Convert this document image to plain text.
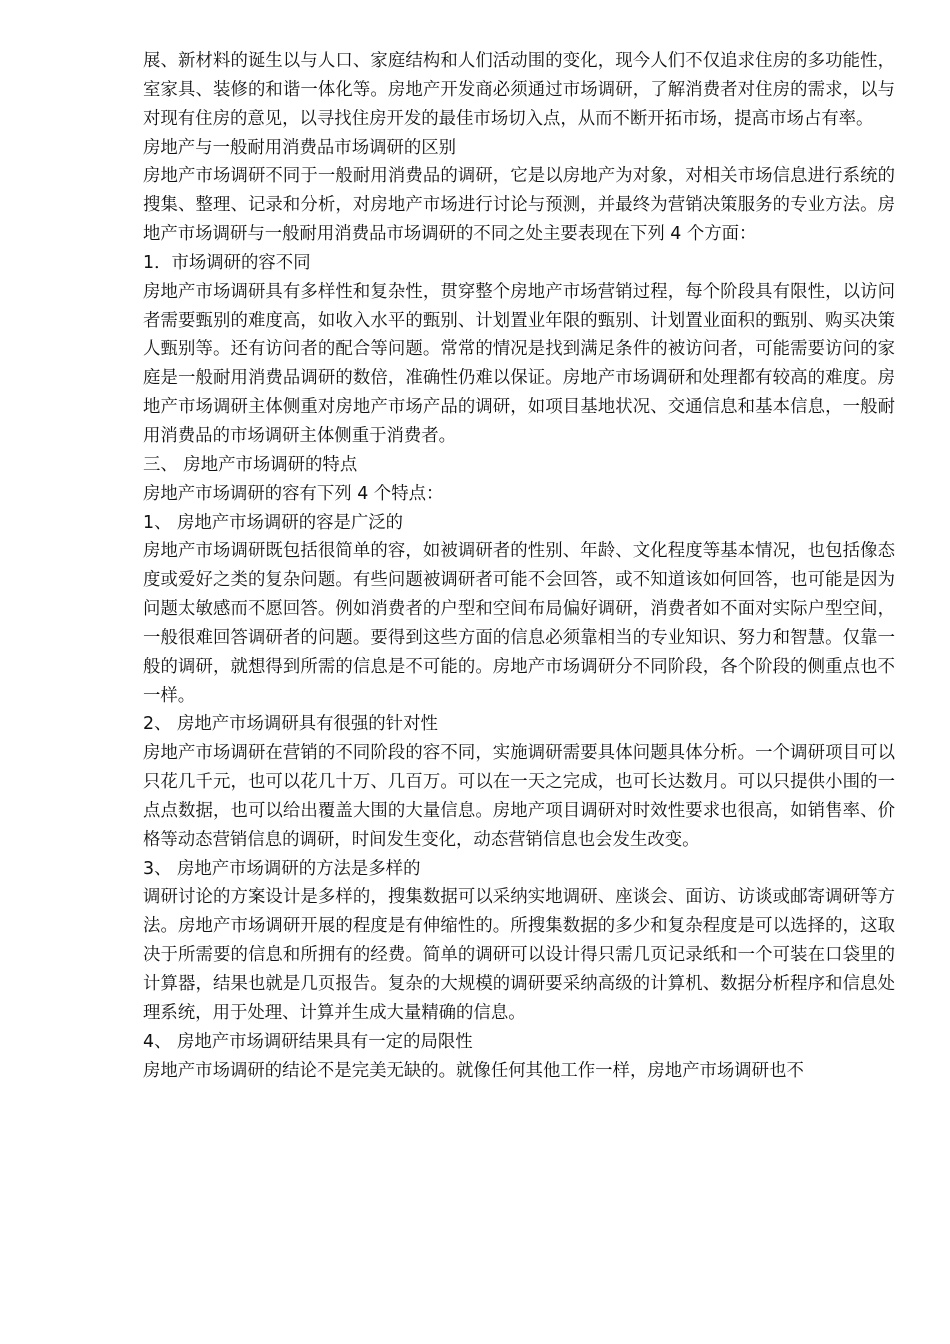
展、新材料的诞生以与人口、家庭结构和人们活动围的变化，现今人们不仅追求住房的多功能性，室家具、装修的和谐一体化等。房地产开发商必须通过市场调研，了解消费者对住房的需求，以与对现有住房的意见，以寻找住房开发的最佳市场切入点，从而不断开拓市场，提高市场占有率。

房地产与一般耐用消费品市场调研的区别

房地产市场调研不同于一般耐用消费品的调研，它是以房地产为对象，对相关市场信息进行系统的搜集、整理、记录和分析，对房地产市场进行讨论与预测，并最终为营销决策服务的专业方法。房地产市场调研与一般耐用消费品市场调研的不同之处主要表现在下列 4 个方面：

1．市场调研的容不同

房地产市场调研具有多样性和复杂性，贯穿整个房地产市场营销过程，每个阶段具有限性，以访问者需要甄别的难度高，如收入水平的甄别、计划置业年限的甄别、计划置业面积的甄别、购买决策人甄别等。还有访问者的配合等问题。常常的情况是找到满足条件的被访问者，可能需要访问的家庭是一般耐用消费品调研的数倍，准确性仍难以保证。房地产市场调研和处理都有较高的难度。房地产市场调研主体侧重对房地产市场产品的调研，如项目基地状况、交通信息和基本信息，一般耐用消费品的市场调研主体侧重于消费者。

三、 房地产市场调研的特点

房地产市场调研的容有下列 4 个特点：

1、 房地产市场调研的容是广泛的

房地产市场调研既包括很简单的容，如被调研者的性别、年龄、文化程度等基本情况，也包括像态度或爱好之类的复杂问题。有些问题被调研者可能不会回答，或不知道该如何回答，也可能是因为问题太敏感而不愿回答。例如消费者的户型和空间布局偏好调研，消费者如不面对实际户型空间，一般很难回答调研者的问题。要得到这些方面的信息必须靠相当的专业知识、努力和智慧。仅靠一般的调研，就想得到所需的信息是不可能的。房地产市场调研分不同阶段，各个阶段的侧重点也不一样。

2、 房地产市场调研具有很强的针对性

房地产市场调研在营销的不同阶段的容不同，实施调研需要具体问题具体分析。一个调研项目可以只花几千元，也可以花几十万、几百万。可以在一天之完成，也可长达数月。可以只提供小围的一点点数据，也可以给出覆盖大围的大量信息。房地产项目调研对时效性要求也很高，如销售率、价格等动态营销信息的调研，时间发生变化，动态营销信息也会发生改变。

3、 房地产市场调研的方法是多样的

调研讨论的方案设计是多样的，搜集数据可以采纳实地调研、座谈会、面访、访谈或邮寄调研等方法。房地产市场调研开展的程度是有伸缩性的。所搜集数据的多少和复杂程度是可以选择的，这取决于所需要的信息和所拥有的经费。简单的调研可以设计得只需几页记录纸和一个可装在口袋里的计算器，结果也就是几页报告。复杂的大规模的调研要采纳高级的计算机、数据分析程序和信息处理系统，用于处理、计算并生成大量精确的信息。

4、 房地产市场调研结果具有一定的局限性

房地产市场调研的结论不是完美无缺的。就像任何其他工作一样，房地产市场调研也不
